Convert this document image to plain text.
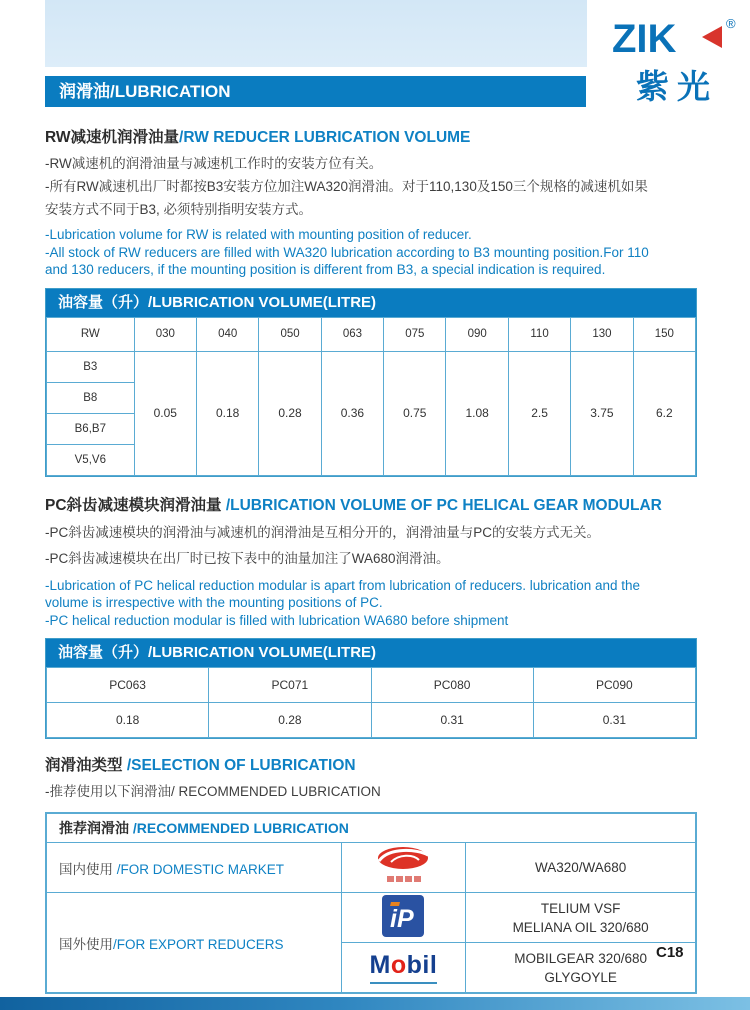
ZIK	®
紫光
润滑油/LUBRICATION
RW减速机润滑油量/RW REDUCER LUBRICATION VOLUME
-RW减速机的润滑油量与减速机工作时的安装方位有关。
-所有RW减速机出厂时都按B3安装方位加注WA320润滑油。对于110,130及150三个规格的减速机如果
安装方式不同于B3, 必须特别指明安装方式。
-Lubrication volume for RW is related with mounting position of reducer.
-All stock of RW reducers are filled with WA320 lubrication according to B3 mounting position.For 110
and 130 reducers, if the mounting position is different from B3, a special indication is required.
油容量（升）/LUBRICATION VOLUME(LITRE)
RW	030	040	050	063	075	090	110	130	150
B3	0.05	0.18	0.28	0.36	0.75	1.08	2.5	3.75	6.2
B8									
B6,B7									
V5,V6									
PC斜齿减速模块润滑油量 /LUBRICATION VOLUME OF PC HELICAL GEAR MODULAR
-PC斜齿减速模块的润滑油与减速机的润滑油是互相分开的，润滑油量与PC的安装方式无关。
-PC斜齿减速模块在出厂时已按下表中的油量加注了WA680润滑油。
-Lubrication of PC helical reduction modular is apart from lubrication of reducers. lubrication and the
volume is irrespective with the mounting positions of PC.
-PC helical reduction modular is filled with lubrication WA680 before shipment
油容量（升）/LUBRICATION VOLUME(LITRE)
PC063	PC071	PC080	PC090
0.18	0.28	0.31	0.31
润滑油类型 /SELECTION OF LUBRICATION
-推荐使用以下润滑油/ RECOMMENDED LUBRICATION
推荐润滑油 /RECOMMENDED LUBRICATION		
国内使用 /FOR DOMESTIC MARKET		WA320/WA680
国外使用/FOR EXPORT REDUCERS	iP	TELIUM VSF
MELIANA OIL 320/680

	Mobil	MOBILGEAR 320/680
GLYGOYLE
C18
